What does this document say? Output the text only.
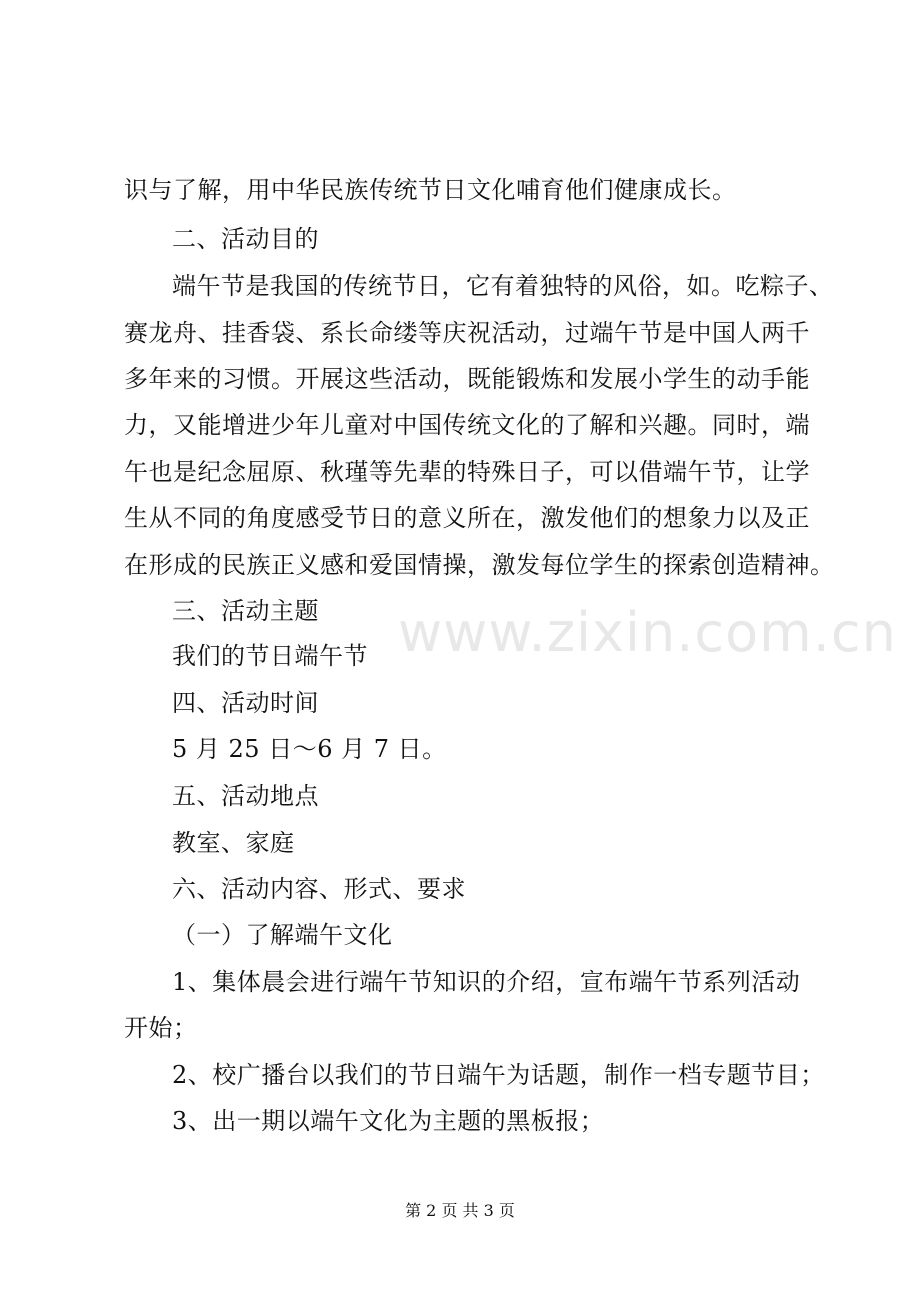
识与了解，用中华民族传统节日文化哺育他们健康成长。
二、活动目的
端午节是我国的传统节日，它有着独特的风俗，如。吃粽子、
赛龙舟、挂香袋、系长命缕等庆祝活动，过端午节是中国人两千
多年来的习惯。开展这些活动，既能锻炼和发展小学生的动手能
力，又能增进少年儿童对中国传统文化的了解和兴趣。同时，端
午也是纪念屈原、秋瑾等先辈的特殊日子，可以借端午节，让学
生从不同的角度感受节日的意义所在，激发他们的想象力以及正
在形成的民族正义感和爱国情操，激发每位学生的探索创造精神。
三、活动主题
我们的节日端午节
四、活动时间
5 月 25 日～6 月 7 日。
五、活动地点
教室、家庭
六、活动内容、形式、要求
（一）了解端午文化
1、集体晨会进行端午节知识的介绍，宣布端午节系列活动
开始；
2、校广播台以我们的节日端午为话题，制作一档专题节目；
3、出一期以端午文化为主题的黑板报；
www.zixin.com.cn
第 2 页 共 3 页
